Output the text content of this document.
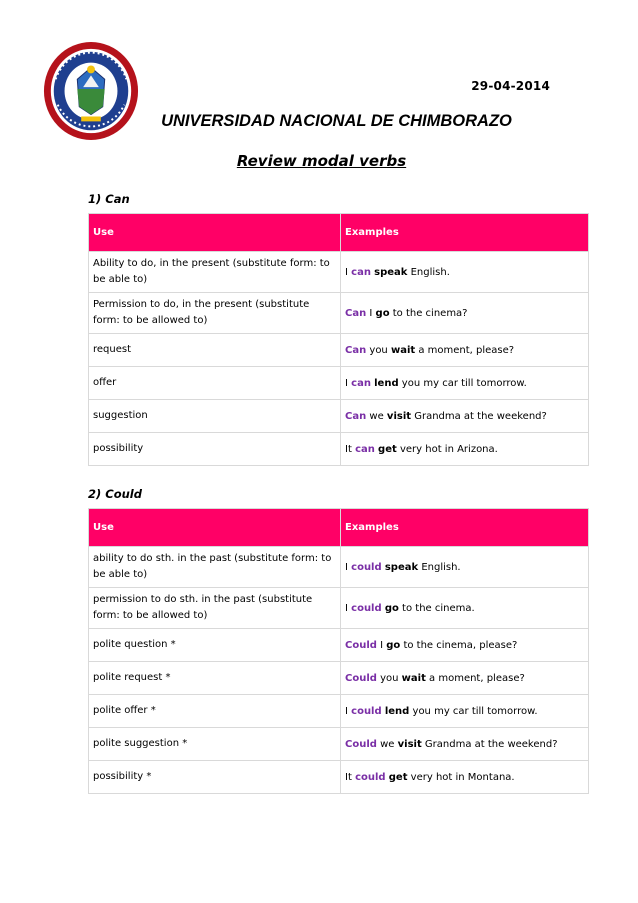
29-04-2014
UNIVERSIDAD NACIONAL DE CHIMBORAZO
Review modal verbs
1) Can
Use	Examples
Ability to do, in the present (substitute form: to be able to)	I can speak English.
Permission to do, in the present (substitute form: to be allowed to)	Can I go to the cinema?
request	Can you wait a moment, please?
offer	I can lend you my car till tomorrow.
suggestion	Can we visit Grandma at the weekend?
possibility	It can get very hot in Arizona.
2) Could
Use	Examples
ability to do sth. in the past (substitute form: to be able to)	I could speak English.
permission to do sth. in the past (substitute form: to be allowed to)	I could go to the cinema.
polite question *	Could I go to the cinema, please?
polite request *	Could you wait a moment, please?
polite offer *	I could lend you my car till tomorrow.
polite suggestion *	Could we visit Grandma at the weekend?
possibility *	It could get very hot in Montana.
